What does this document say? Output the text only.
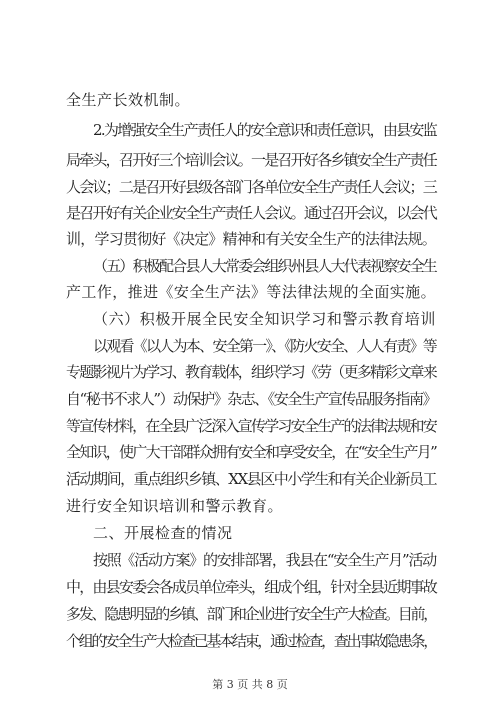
全生产长效机制。
2.为增强安全生产责任人的安全意识和责任意识，由县安监
局牵头，召开好三个培训会议。一是召开好各乡镇安全生产责任
人会议；二是召开好县级各部门各单位安全生产责任人会议；三
是召开好有关企业安全生产责任人会议。通过召开会议，以会代
训，学习贯彻好《决定》精神和有关安全生产的法律法规。
（五）积极配合县人大常委会组织州县人大代表视察安全生
产工作，推进《安全生产法》等法律法规的全面实施。
（六）积极开展全民安全知识学习和警示教育培训
以观看《以人为本、安全第一》、《防火安全、人人有责》等
专题影视片为学习、教育载体，组织学习《劳（更多精彩文章来
自“秘书不求人”）动保护》杂志、《安全生产宣传品服务指南》
等宣传材料，在全县广泛深入宣传学习安全生产的法律法规和安
全知识，使广大干部群众拥有安全和享受安全，在“安全生产月”
活动期间，重点组织乡镇、XX县区中小学生和有关企业新员工
进行安全知识培训和警示教育。
二、开展检查的情况
按照《活动方案》的安排部署，我县在“安全生产月”活动
中，由县安委会各成员单位牵头，组成个组，针对全县近期事故
多发、隐患明显的乡镇、部门和企业进行安全生产大检查。目前，
个组的安全生产大检查已基本结束，通过检查，查出事故隐患条，
第 3 页 共 8 页
